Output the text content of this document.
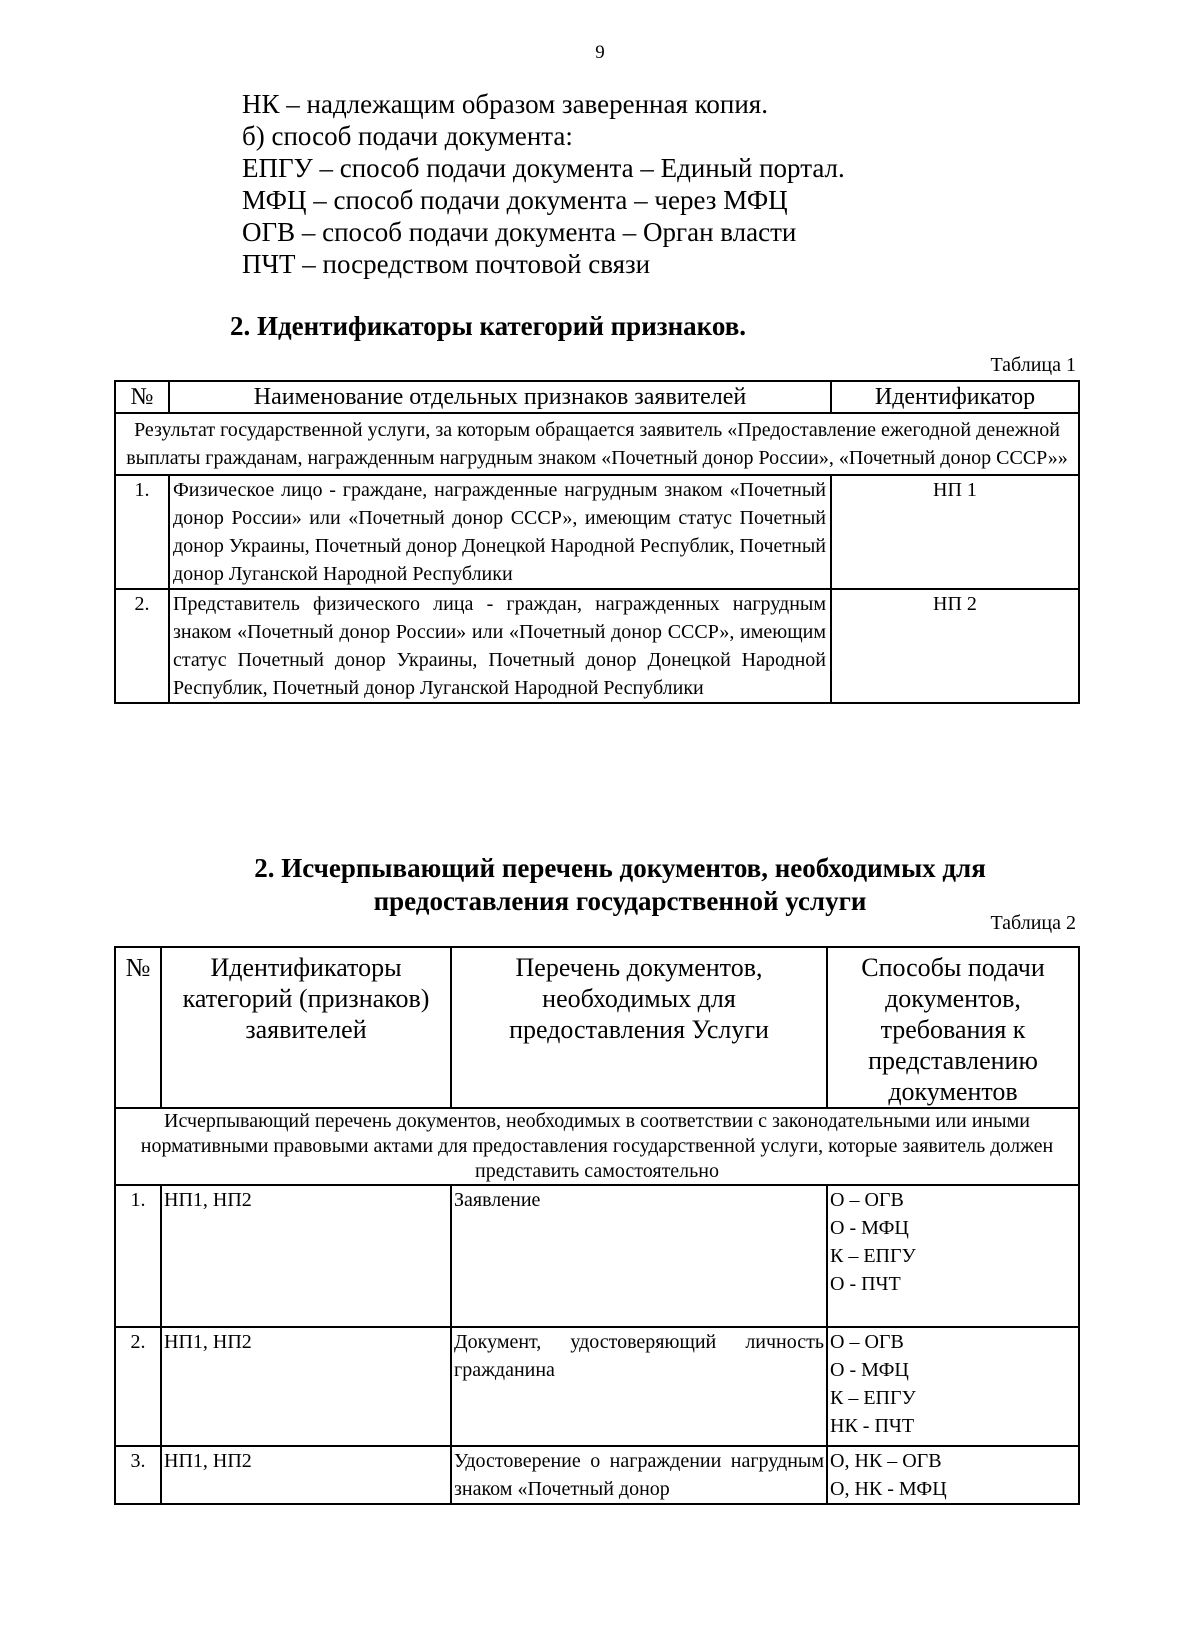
9
НК – надлежащим образом заверенная копия.
б) способ подачи документа:
ЕПГУ – способ подачи документа – Единый портал.
МФЦ – способ подачи документа – через МФЦ
ОГВ – способ подачи документа – Орган власти
ПЧТ – посредством почтовой связи
2. Идентификаторы категорий признаков.
Таблица 1
№	Наименование отдельных признаков заявителей	Идентификатор
Результат государственной услуги, за которым обращается заявитель «Предоставление ежегодной денежной выплаты гражданам, награжденным нагрудным знаком «Почетный донор России», «Почетный донор СССР»»		
1.	Физическое лицо - граждане, награжденные нагрудным знаком «Почетный донор России» или «Почетный донор СССР», имеющим статус Почетный донор Украины, Почетный донор Донецкой Народной Республик, Почетный донор Луганской Народной Республики	НП 1
2.	Представитель физического лица - граждан, награжденных нагрудным знаком «Почетный донор России» или «Почетный донор СССР», имеющим статус Почетный донор Украины, Почетный донор Донецкой Народной Республик, Почетный донор Луганской Народной Республики	НП 2
2. Исчерпывающий перечень документов, необходимых для предоставления государственной услуги
Таблица 2
№	Идентификаторы категорий (признаков) заявителей	Перечень документов, необходимых для предоставления Услуги	Способы подачи документов, требования к представлению документов
Исчерпывающий перечень документов, необходимых в соответствии с законодательными или иными нормативными правовыми актами для предоставления государственной услуги, которые заявитель должен представить самостоятельно			
1.	НП1, НП2	Заявление	О – ОГВ
О - МФЦ
К – ЕПГУ
О - ПЧТ

2.	НП1, НП2	Документ, удостоверяющий личность гражданина	О – ОГВ
О - МФЦ
К – ЕПГУ
НК - ПЧТ

3.	НП1, НП2	Удостоверение о награждении нагрудным знаком «Почетный донор	О, НК – ОГВ
О, НК - МФЦ
